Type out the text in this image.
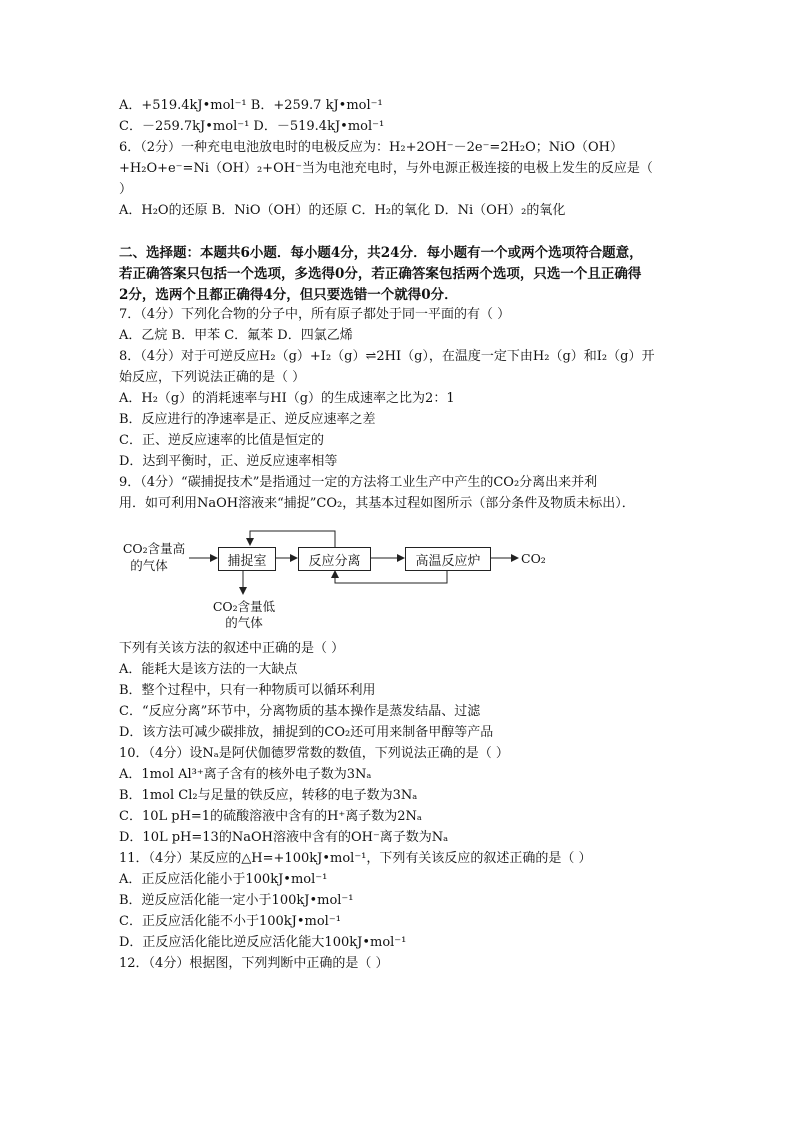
A．+519.4kJ•mol⁻¹ B．+259.7 kJ•mol⁻¹
C．－259.7kJ•mol⁻¹ D．－519.4kJ•mol⁻¹
6．（2分）一种充电电池放电时的电极反应为：H₂+2OH⁻－2e⁻=2H₂O；NiO（OH）
+H₂O+e⁻=Ni（OH）₂+OH⁻当为电池充电时，与外电源正极连接的电极上发生的反应是（
）
A．H₂O的还原 B．NiO（OH）的还原 C．H₂的氧化 D．Ni（OH）₂的氧化
二、选择题：本题共6小题．每小题4分，共24分．每小题有一个或两个选项符合题意，
若正确答案只包括一个选项，多选得0分，若正确答案包括两个选项，只选一个且正确得
2分，选两个且都正确得4分，但只要选错一个就得0分．
7．（4分）下列化合物的分子中，所有原子都处于同一平面的有（ ）
A．乙烷 B．甲苯 C．氟苯 D．四氯乙烯
8．（4分）对于可逆反应H₂（g）+I₂（g）⇌2HI（g），在温度一定下由H₂（g）和I₂（g）开
始反应，下列说法正确的是（ ）
A．H₂（g）的消耗速率与HI（g）的生成速率之比为2：1
B．反应进行的净速率是正、逆反应速率之差
C．正、逆反应速率的比值是恒定的
D．达到平衡时，正、逆反应速率相等
9．（4分）“碳捕捉技术”是指通过一定的方法将工业生产中产生的CO₂分离出来并利
用．如可利用NaOH溶液来“捕捉”CO₂，其基本过程如图所示（部分条件及物质未标出）．
CO₂含量高
的气体	捕捉室	反应分离	高温反应炉	CO₂
CO₂含量低
的气体
下列有关该方法的叙述中正确的是（ ）
A．能耗大是该方法的一大缺点
B．整个过程中，只有一种物质可以循环利用
C．“反应分离”环节中，分离物质的基本操作是蒸发结晶、过滤
D．该方法可减少碳排放，捕捉到的CO₂还可用来制备甲醇等产品
10．（4分）设Nₐ是阿伏伽德罗常数的数值，下列说法正确的是（ ）
A．1mol Al³⁺离子含有的核外电子数为3Nₐ
B．1mol Cl₂与足量的铁反应，转移的电子数为3Nₐ
C．10L pH=1的硫酸溶液中含有的H⁺离子数为2Nₐ
D．10L pH=13的NaOH溶液中含有的OH⁻离子数为Nₐ
11．（4分）某反应的△H=+100kJ•mol⁻¹，下列有关该反应的叙述正确的是（ ）
A．正反应活化能小于100kJ•mol⁻¹
B．逆反应活化能一定小于100kJ•mol⁻¹
C．正反应活化能不小于100kJ•mol⁻¹
D．正反应活化能比逆反应活化能大100kJ•mol⁻¹
12．（4分）根据图，下列判断中正确的是（ ）
